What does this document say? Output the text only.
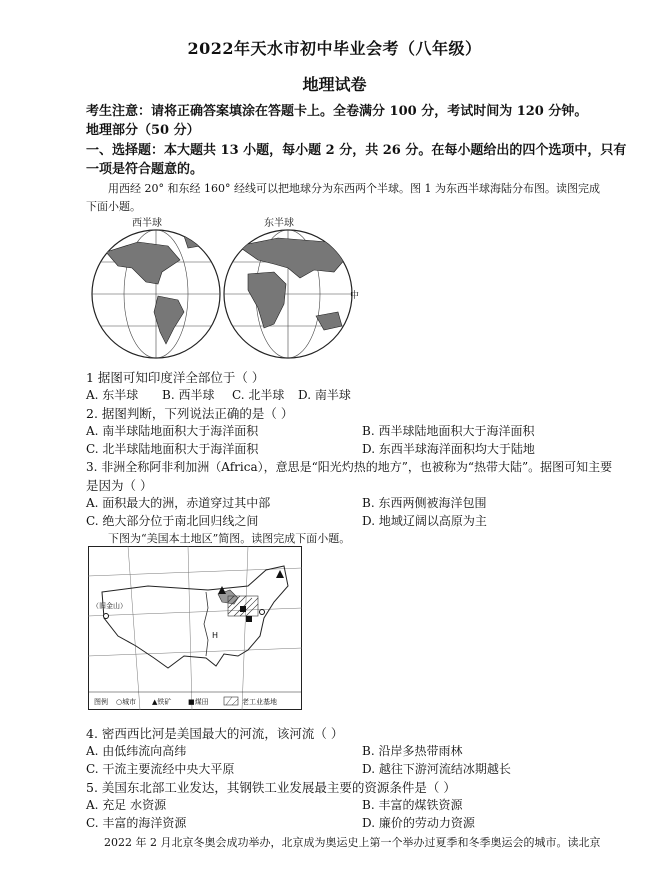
2022年天水市初中毕业会考（八年级）
地理试卷
考生注意：请将正确答案填涂在答题卡上。全卷满分 100 分，考试时间为 120 分钟。
地理部分（50 分）
一、选择题：本大题共 13 小题，每小题 2 分，共 26 分。在每小题给出的四个选项中，只有
一项是符合题意的。
用西经 20° 和东经 160° 经线可以把地球分为东西两个半球。图 1 为东西半球海陆分布图。读图完成
下面小题。
西半球	东半球
中
1 据图可知印度洋全部位于（ ）
A. 东半球 B. 西半球 C. 北半球 D. 南半球
2. 据图判断，下列说法正确的是（ ）
A. 南半球陆地面积大于海洋面积	B. 西半球陆地面积大于海洋面积
C. 北半球陆地面积大于海洋面积	D. 东西半球海洋面积均大于陆地
3. 非洲全称阿非利加洲（Africa），意思是“阳光灼热的地方”，也被称为“热带大陆”。据图可知主要
是因为（ ）
A. 面积最大的洲，赤道穿过其中部	B. 东西两侧被海洋包围
C. 绝大部分位于南北回归线之间	D. 地域辽阔以高原为主
下图为“美国本土地区”简图。读图完成下面小题。
（旧金山）
H
图例 ○城市 ▲铁矿 ■煤田	老工业基地
4. 密西西比河是美国最大的河流，该河流（ ）
A. 由低纬流向高纬	B. 沿岸多热带雨林
C. 干流主要流经中央大平原	D. 越往下游河流结冰期越长
5. 美国东北部工业发达，其钢铁工业发展最主要的资源条件是（ ）
A. 充足 水资源	B. 丰富的煤铁资源
C. 丰富的海洋资源	D. 廉价的劳动力资源
2022 年 2 月北京冬奥会成功举办，北京成为奥运史上第一个举办过夏季和冬季奥运会的城市。读北京
